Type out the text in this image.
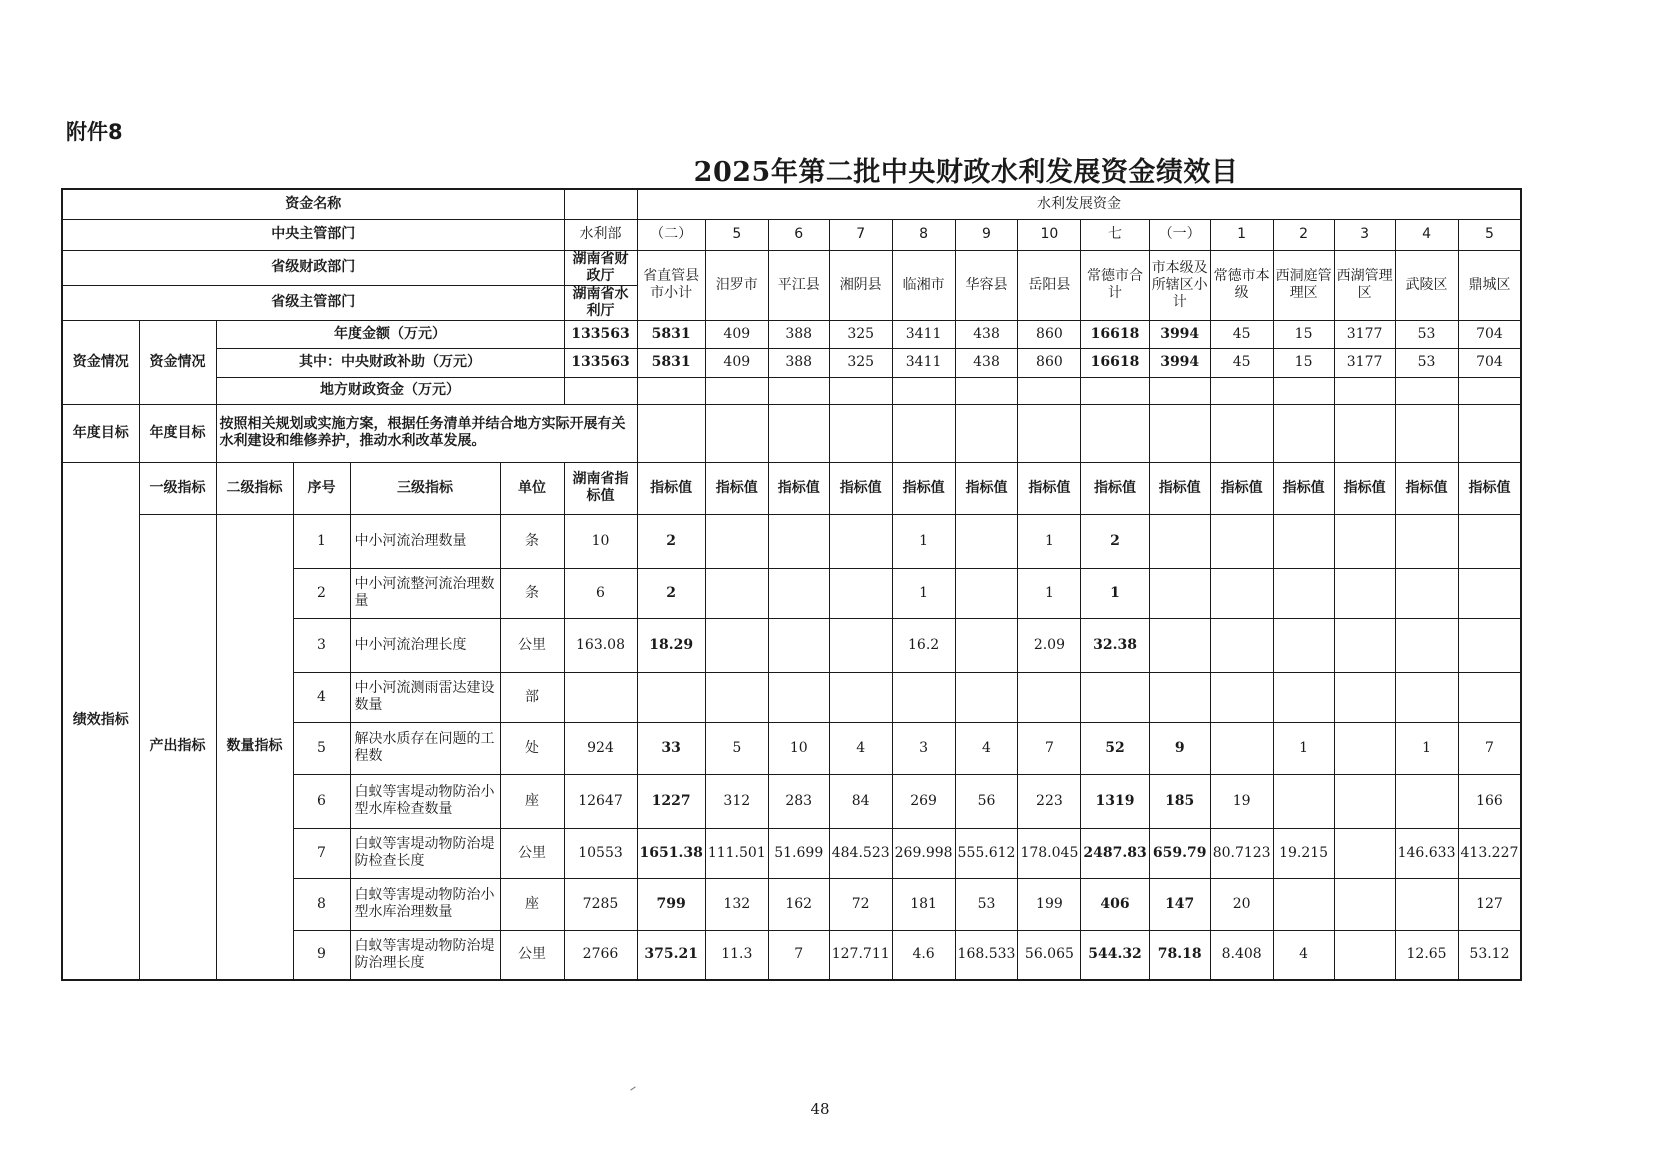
附件8
2025年第二批中央财政水利发展资金绩效目
资金名称							水利发展资金													
中央主管部门						水利部	（二）	5	6	7	8	9	10	七	（一）	1	2	3	4	5
省级财政部门						湖南省财政厅	省直管县市小计	汨罗市	平江县	湘阴县	临湘市	华容县	岳阳县	常德市合计	市本级及所辖区小计	常德市本级	西洞庭管理区	西湖管理区	武陵区	鼎城区
省级主管部门						湖南省水利厅														
资金情况	资金情况	年度金额（万元）				133563	5831	409	388	325	3411	438	860	16618	3994	45	15	3177	53	704
		其中：中央财政补助（万元）				133563	5831	409	388	325	3411	438	860	16618	3994	45	15	3177	53	704
		地方财政资金（万元）																		
年度目标	年度目标	按照相关规划或实施方案，根据任务清单并结合地方实际开展有关水利建设和维修养护，推动水利改革发展。																		
绩效指标	一级指标	二级指标	序号	三级指标	单位	湖南省指标值	指标值	指标值	指标值	指标值	指标值	指标值	指标值	指标值	指标值	指标值	指标值	指标值	指标值	指标值
	产出指标	数量指标	1	中小河流治理数量	条	10	2				1		1	2						
			2	中小河流整河流治理数量	条	6	2				1		1	1						
			3	中小河流治理长度	公里	163.08	18.29				16.2		2.09	32.38						
			4	中小河流测雨雷达建设数量	部															
			5	解决水质存在问题的工程数	处	924	33	5	10	4	3	4	7	52	9		1		1	7
			6	白蚁等害堤动物防治小型水库检查数量	座	12647	1227	312	283	84	269	56	223	1319	185	19				166
			7	白蚁等害堤动物防治堤防检查长度	公里	10553	1651.38	111.501	51.699	484.523	269.998	555.612	178.045	2487.83	659.79	80.7123	19.215		146.633	413.227
			8	白蚁等害堤动物防治小型水库治理数量	座	7285	799	132	162	72	181	53	199	406	147	20				127
			9	白蚁等害堤动物防治堤防治理长度	公里	2766	375.21	11.3	7	127.711	4.6	168.533	56.065	544.32	78.18	8.408	4		12.65	53.12
48
